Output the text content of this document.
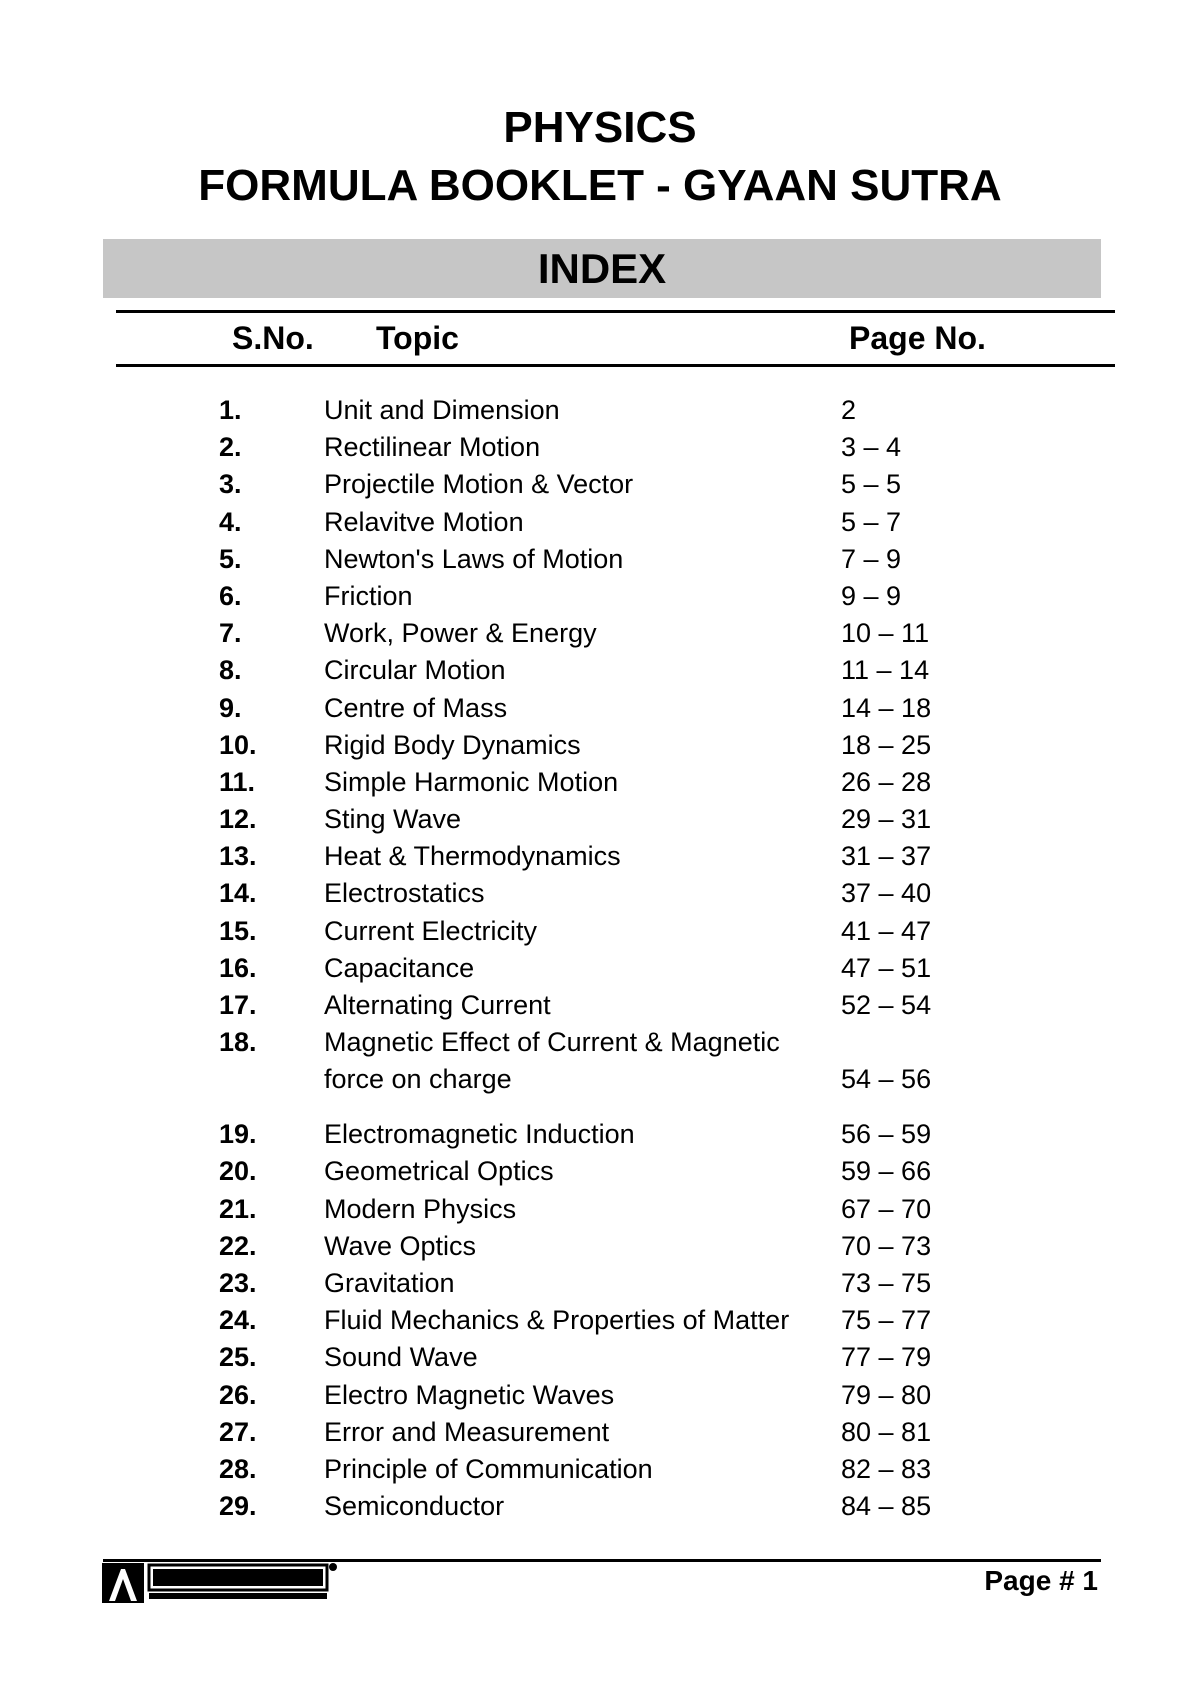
PHYSICS
FORMULA BOOKLET - GYAAN SUTRA
INDEX
S.No. Topic	Page No.
1.	Unit and Dimension	2
2.	Rectilinear Motion	3 – 4
3.	Projectile Motion & Vector	5 – 5
4.	Relavitve Motion	5 – 7
5.	Newton's Laws of Motion	7 – 9
6.	Friction	9 – 9
7.	Work, Power & Energy	10 – 11
8.	Circular Motion	11 – 14
9.	Centre of Mass	14 – 18
10. Rigid Body Dynamics	18 – 25
11.	Simple Harmonic Motion	26 – 28
12. Sting Wave	29 – 31
13. Heat & Thermodynamics	31 – 37
14. Electrostatics	37 – 40
15. Current Electricity	41 – 47
16. Capacitance	47 – 51
17. Alternating Current	52 – 54
18. Magnetic Effect of Current & Magnetic
force on charge	54 – 56
19. Electromagnetic Induction	56 – 59
20. Geometrical Optics	59 – 66
21. Modern Physics	67 – 70
22. Wave Optics	70 – 73
23. Gravitation	73 – 75
24. Fluid Mechanics & Properties of Matter	75 – 77
25. Sound Wave	77 – 79
26. Electro Magnetic Waves	79 – 80
27. Error and Measurement	80 – 81
28. Principle of Communication	82 – 83
29. Semiconductor	84 – 85
Page # 1
